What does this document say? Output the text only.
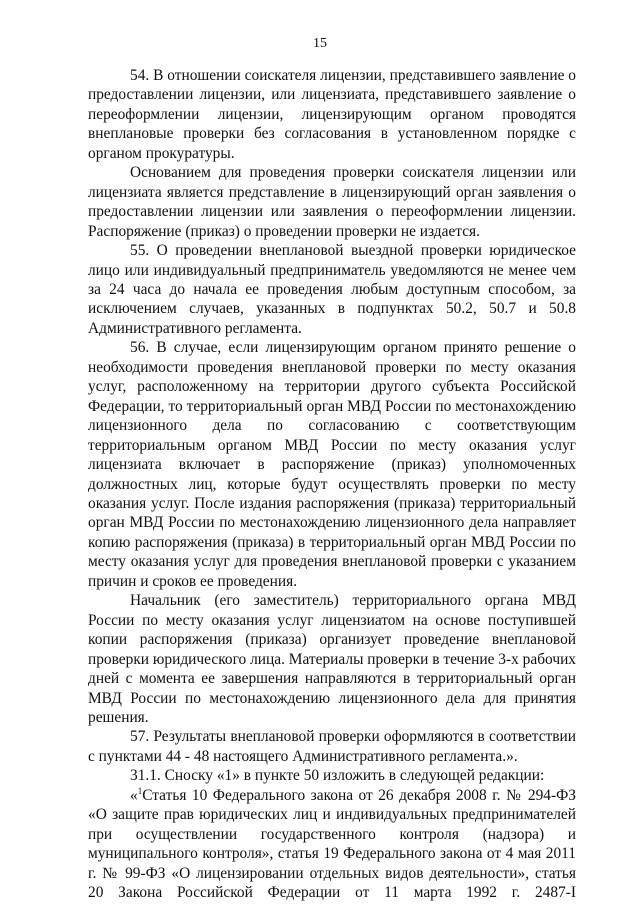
15

54. В отношении соискателя лицензии, представившего заявление о предоставлении лицензии, или лицензиата, представившего заявление о переоформлении лицензии, лицензирующим органом проводятся внеплановые проверки без согласования в установленном порядке с органом прокуратуры.

Основанием для проведения проверки соискателя лицензии или лицензиата является представление в лицензирующий орган заявления о предоставлении лицензии или заявления о переоформлении лицензии. Распоряжение (приказ) о проведении проверки не издается.

55. О проведении внеплановой выездной проверки юридическое лицо или индивидуальный предприниматель уведомляются не менее чем за 24 часа до начала ее проведения любым доступным способом, за исключением случаев, указанных в подпунктах 50.2, 50.7 и 50.8 Административного регламента.

56. В случае, если лицензирующим органом принято решение о необходимости проведения внеплановой проверки по месту оказания услуг, расположенному на территории другого субъекта Российской Федерации, то территориальный орган МВД России по местонахождению лицензионного дела по согласованию с соответствующим территориальным органом МВД России по месту оказания услуг лицензиата включает в распоряжение (приказ) уполномоченных должностных лиц, которые будут осуществлять проверки по месту оказания услуг. После издания распоряжения (приказа) территориальный орган МВД России по местонахождению лицензионного дела направляет копию распоряжения (приказа) в территориальный орган МВД России по месту оказания услуг для проведения внеплановой проверки с указанием причин и сроков ее проведения.

Начальник (его заместитель) территориального органа МВД России по месту оказания услуг лицензиатом на основе поступившей копии распоряжения (приказа) организует проведение внеплановой проверки юридического лица. Материалы проверки в течение 3-х рабочих дней с момента ее завершения направляются в территориальный орган МВД России по местонахождению лицензионного дела для принятия решения.

57. Результаты внеплановой проверки оформляются в соответствии с пунктами 44 - 48 настоящего Административного регламента.».

31.1. Сноску «1» в пункте 50 изложить в следующей редакции:

«$^1$Статья 10 Федерального закона от 26 декабря 2008 г. № 294-ФЗ «О защите прав юридических лиц и индивидуальных предпринимателей при осуществлении государственного контроля (надзора) и муниципального контроля», статья 19 Федерального закона от 4 мая 2011 г. № 99-ФЗ «О лицензировании отдельных видов деятельности», статья 20 Закона Российской Федерации от 11 марта 1992 г. 2487-I
